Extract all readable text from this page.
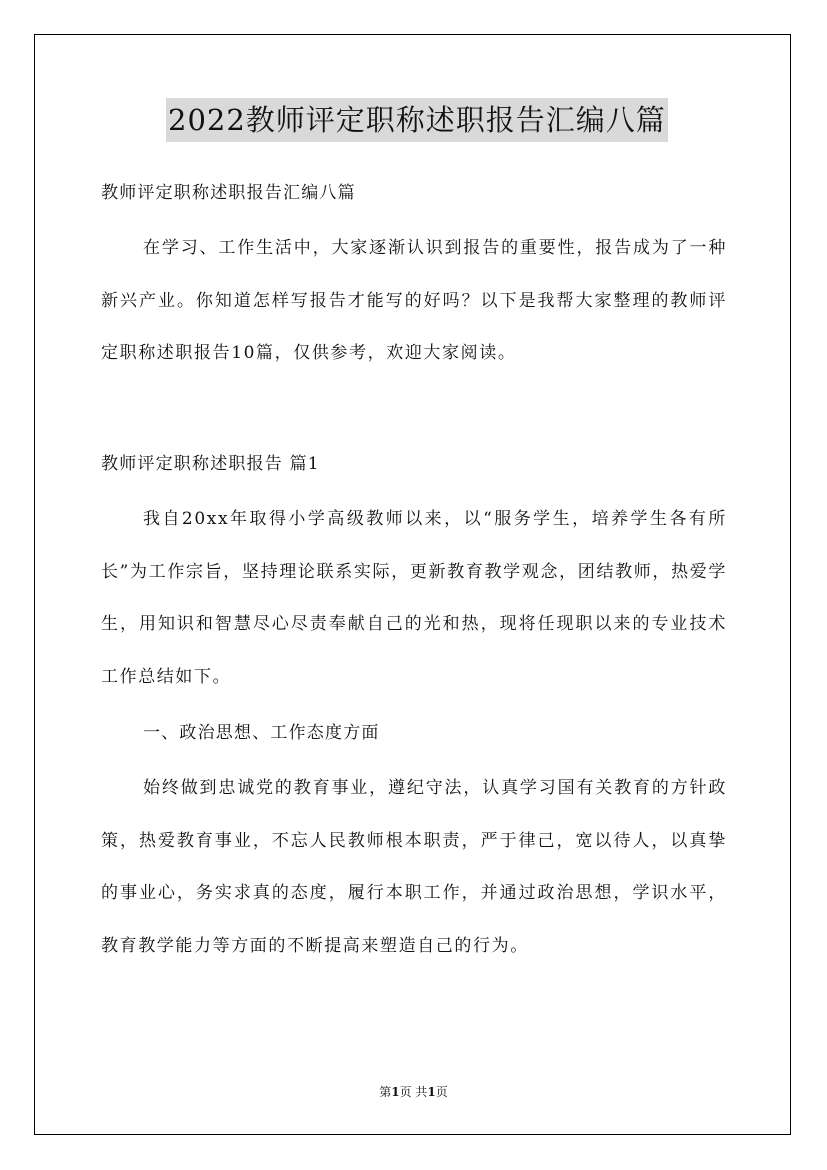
2022教师评定职称述职报告汇编八篇
教师评定职称述职报告汇编八篇
在学习、工作生活中，大家逐渐认识到报告的重要性，报告成为了一种新兴产业。你知道怎样写报告才能写的好吗？以下是我帮大家整理的教师评定职称述职报告10篇，仅供参考，欢迎大家阅读。
教师评定职称述职报告 篇1
我自20xx年取得小学高级教师以来，以“服务学生，培养学生各有所长”为工作宗旨，坚持理论联系实际，更新教育教学观念，团结教师，热爱学生，用知识和智慧尽心尽责奉献自己的光和热，现将任现职以来的专业技术工作总结如下。
一、政治思想、工作态度方面
始终做到忠诚党的教育事业，遵纪守法，认真学习国有关教育的方针政策，热爱教育事业，不忘人民教师根本职责，严于律己，宽以待人，以真挚的事业心，务实求真的态度，履行本职工作，并通过政治思想，学识水平，教育教学能力等方面的不断提高来塑造自己的行为。
第1页 共1页
